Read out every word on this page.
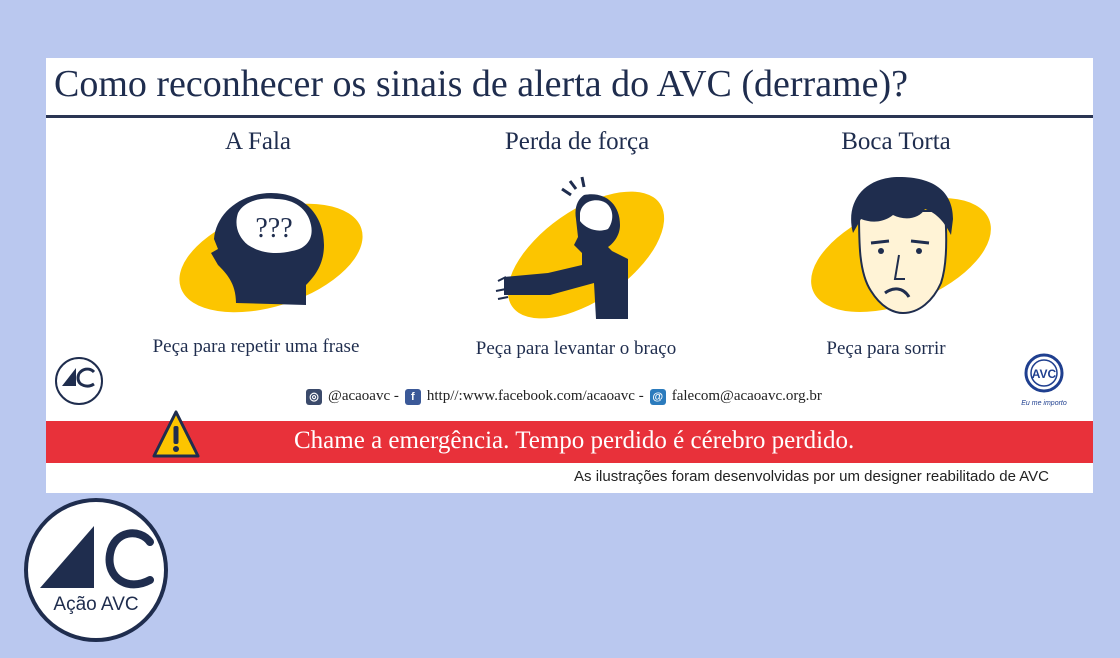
Como reconhecer os sinais de alerta do AVC (derrame)?
A Fala
???
Peça para repetir uma frase
Perda de força
Peça para levantar o braço
Boca Torta
Peça para sorrir
◎ @acaoavc -	f http//:www.facebook.com/acaoavc - @ falecom@acaoavc.org.br
AVC
Eu me importo
Chame a emergência. Tempo perdido é cérebro perdido.
As ilustrações foram desenvolvidas por um designer reabilitado de AVC
Ação AVC
